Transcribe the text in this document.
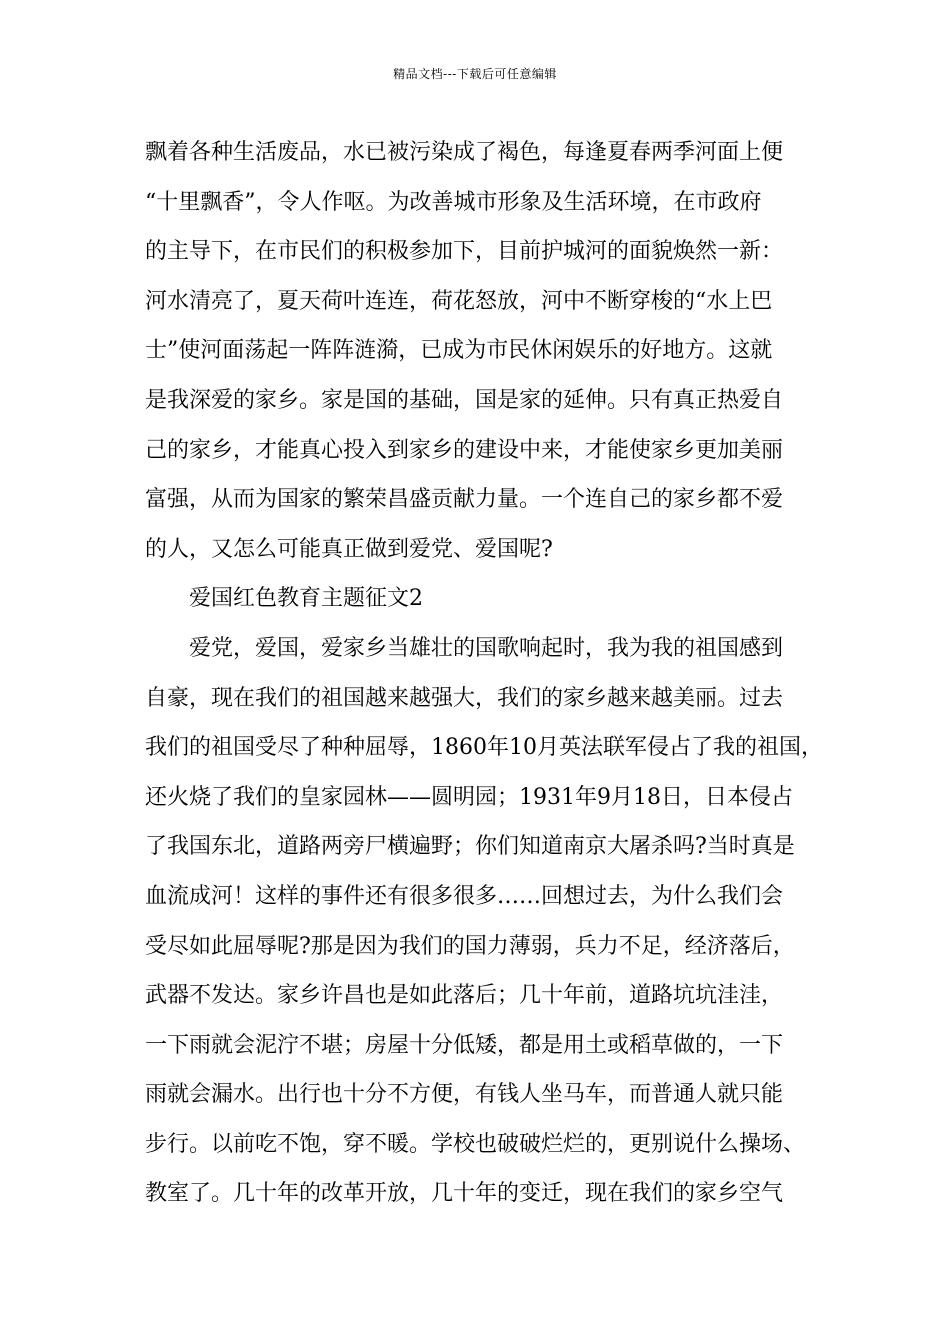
精品文档---下载后可任意编辑
飘着各种生活废品，水已被污染成了褐色，每逢夏春两季河面上便
“十里飘香”，令人作呕。为改善城市形象及生活环境，在市政府
的主导下，在市民们的积极参加下，目前护城河的面貌焕然一新：
河水清亮了，夏天荷叶连连，荷花怒放，河中不断穿梭的“水上巴
士”使河面荡起一阵阵涟漪，已成为市民休闲娱乐的好地方。这就
是我深爱的家乡。家是国的基础，国是家的延伸。只有真正热爱自
己的家乡，才能真心投入到家乡的建设中来，才能使家乡更加美丽
富强，从而为国家的繁荣昌盛贡献力量。一个连自己的家乡都不爱
的人，又怎么可能真正做到爱党、爱国呢?
爱国红色教育主题征文2
爱党，爱国，爱家乡当雄壮的国歌响起时，我为我的祖国感到
自豪，现在我们的祖国越来越强大，我们的家乡越来越美丽。过去
我们的祖国受尽了种种屈辱，1860年10月英法联军侵占了我的祖国，
还火烧了我们的皇家园林——圆明园；1931年9月18日，日本侵占
了我国东北，道路两旁尸横遍野；你们知道南京大屠杀吗?当时真是
血流成河！这样的事件还有很多很多……回想过去，为什么我们会
受尽如此屈辱呢?那是因为我们的国力薄弱，兵力不足，经济落后，
武器不发达。家乡许昌也是如此落后；几十年前，道路坑坑洼洼，
一下雨就会泥泞不堪；房屋十分低矮，都是用土或稻草做的，一下
雨就会漏水。出行也十分不方便，有钱人坐马车，而普通人就只能
步行。以前吃不饱，穿不暖。学校也破破烂烂的，更别说什么操场、
教室了。几十年的改革开放，几十年的变迁，现在我们的家乡空气
